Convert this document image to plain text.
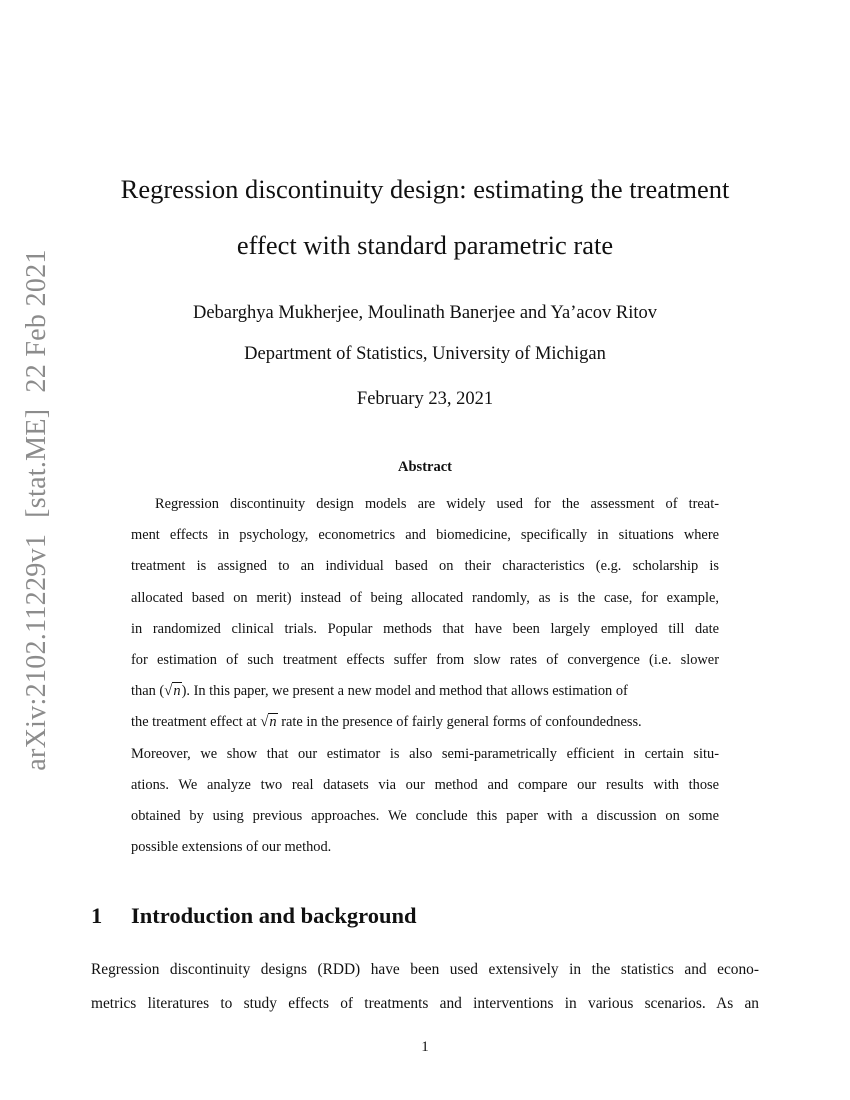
arXiv:2102.11229v1[stat.ME]22 Feb 2021
Regression discontinuity design: estimating the treatment
effect with standard parametric rate
Debarghya Mukherjee, Moulinath Banerjee and Ya’acov Ritov
Department of Statistics, University of Michigan
February 23, 2021
Abstract
Regression discontinuity design models are widely used for the assessment of treat-
ment effects in psychology, econometrics and biomedicine, specifically in situations where
treatment is assigned to an individual based on their characteristics (e.g. scholarship is
allocated based on merit) instead of being allocated randomly, as is the case, for example,
in randomized clinical trials. Popular methods that have been largely employed till date
for estimation of such treatment effects suffer from slow rates of convergence (i.e. slower
than (√n). In this paper, we present a new model and method that allows estimation of
the treatment effect at √n rate in the presence of fairly general forms of confoundedness.
Moreover, we show that our estimator is also semi-parametrically efficient in certain situ-
ations. We analyze two real datasets via our method and compare our results with those
obtained by using previous approaches. We conclude this paper with a discussion on some
possible extensions of our method.
1 Introduction and background
Regression discontinuity designs (RDD) have been used extensively in the statistics and econo-
metrics literatures to study effects of treatments and interventions in various scenarios. As an
1
